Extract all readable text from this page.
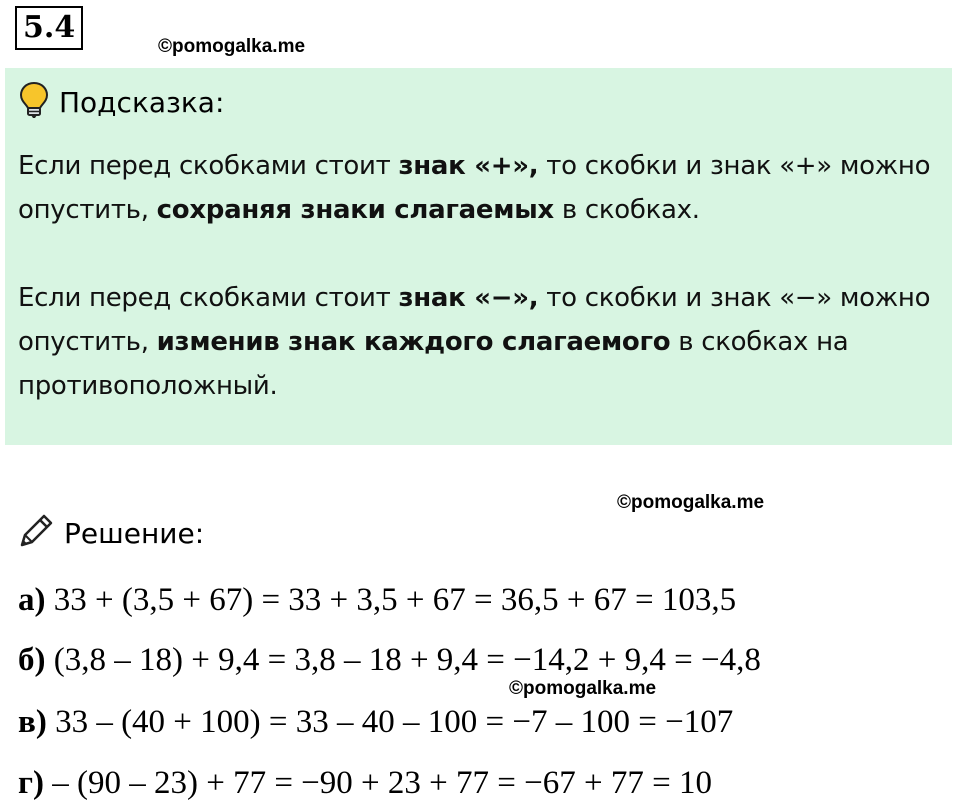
5.4
©pomogalka.me
Подсказка:
Если перед скобками стоит знак «+», то скобки и знак «+» можно опустить, сохраняя знаки слагаемых в скобках.
Если перед скобками стоит знак «−», то скобки и знак «−» можно опустить, изменив знак каждого слагаемого в скобках на противоположный.
©pomogalka.me
Решение:
а) 33 + (3,5 + 67) = 33 + 3,5 + 67 = 36,5 + 67 = 103,5
б) (3,8 – 18) + 9,4 = 3,8 – 18 + 9,4 = −14,2 + 9,4 = −4,8
©pomogalka.me
в) 33 – (40 + 100) = 33 – 40 – 100 = −7 – 100 = −107
г) – (90 – 23) + 77 = −90 + 23 + 77 = −67 + 77 = 10
